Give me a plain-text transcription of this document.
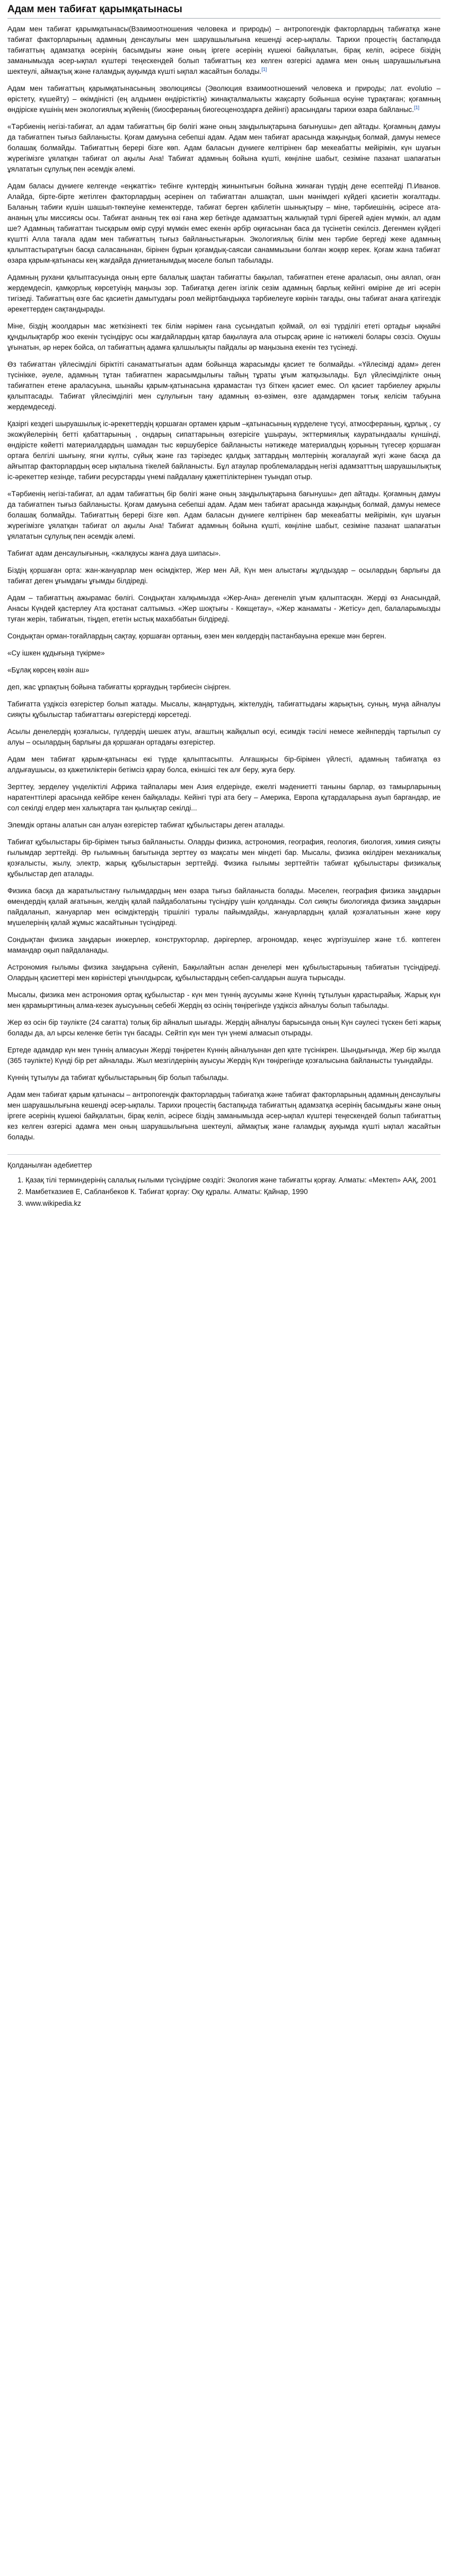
Адам мен табиғат қарымқатынасы

Адам мен табиғат қарымқатынасы(Взаимоотношения человека и природы) – антропогендік факторлардың табиғатқа және табиғат факторларының адамның денсаулығы мен шаруашылығына кешенді әсер-ықпалы. Тарихи процестің бастапқыда табиғаттың адамзатқа әсерінің басымдығы және оның іргеге әсерінің күшеюі байқалатын, бірақ келіп, әсіресе бізідің заманымызда әсер-ықпал күштері теңескендей болып табиғаттың кез келген өзгерісі адамға мен оның шаруашылығына шектеулі, аймақтық және ғаламдық ауқымда күшті ықпал жасайтын болады.[1]

Адам мен табиғаттың қарымқатынасының эволюциясы (Эволюция взаимоотношений человека и природы; лат. evolutio – өрістету, күшейту) – өкімдіністі (ең алдымен өндірістіктің) жинақталмалыкты жақсарту бойынша өсуіне тұрақтаған; қоғамның өндіріске күшінің мен экологиялық жүйенің (биосфераның биогеоценоздарға дейінгі) арасындағы тарихи өзара байланыс.[1]

«Тәрбиенің негізі-табиғат, ал адам табиғаттың бір бөлігі және оның заңдылықтарына бағынушы» деп айтады. Қоғамның дамуы да табиғатпен тығыз байланысты. Қоғам дамуына себепші адам. Адам мен табиғат арасында жақындық болмай, дамуы немесе болашақ болмайды. Табиғаттың берері бізге көп. Адам баласын дүниеге келтірінен бар мекеабатты мейірімін, күн шуағын жүрегімізге ұялатқан табиғат ол ақылы Ана! Табиғат адамның бойына күшті, көңіліне шабыт, сезіміне пазанат шапағатын ұялататын сұлулық пен әсемдік әлемі.

Адам баласы дүниеге келгенде «еңжаттік» тебінге күнтердің жинынтығын бойына жинаған түрдің дене есептейді П.Иванов. Алайда, бірте-бірте жетілген факторлардың әсерінен ол табиғаттан алшақтап, шын мәнімдегі күйдегі қасиетін жоғалтады. Баланың табиғи күшін шашып-төкпеуіне кеменктерде, табиғат берген қабілетін шынықтыру – міне, тәрбиешінің, әсіресе ата-ананың ұлы миссиясы осы. Табиғат ананың тек өзі ғана жер бетінде адамзаттың жалықпай түрлі бірегей әдіен мүмкін, ал адам ше? Адамның табиғаттан тысқарым өмір сүруі мүмкін емес екенін әрбір оқиғасынан баса да түсінетін секілсіз. Дегенмен күйдегі күштті Алла тағала адам мен табиғаттың тығыз байланыстығарын. Экологиялық білім мен тәрбие бергеді жеке адамның қалыптастыратұғын басқа саласанынан, бірінен бұрын қоғамдық-саясаи санаммызыни болған жоқөр керек. Қоғам жана табиғат өзара қарым-қатынасы кең жағдайда дүниетанымдық мәселе болып табылады.

Адамның рухани қалыптасуында оның ерте балалық шақтан табиғатты бақылап, табиғатпен етене араласып, оны аялап, оған жердемдесіп, қамқорлық көрсетуіңің маңызы зор. Табиғатқа деген ізгілік сезім адамның барлық кейінгі өміріне де игі әсерін тигізеді. Табиғаттың өзге бас қасиетін дамытудағы роөл мейіртбандықка тәрбиелеуге көрінін тағады, оны табиғат анаға қатігездік әрекеттерден сақтандырады.

Міне, біздің жоолдарын мас жеткізінекті тек білім нәрімен ғана сусындатып қоймай, ол өзі түрділігі ететі ортадығ ықнайні құндылықтарбр жоо екенін түсіндірус осы жағдайлардың қатар бақылауға ала отырсақ әрине іс нәтижелі болары сөзсіз. Оқушы ұғынатын, әр нерек бойса, ол табиғаттың адамға қалшылықты пайдалы әр маңызына екенін тез түсінеді.

Өз табиғаттан үйлесімділі біріктіті санаматтығатын адам бойынща жарасымды қасиет те болмайды. «Үйлесімді адам» деген түсінікке, әуеле, адамның тұтан табиғатпен жарасымдылығы тайың тұраты ұғым жатқызылады. Бұл үйлесімділікте оның табиғатпен етене араласуына, шынайы қарым-қатынасына қарамастан түз біткен қасиет емес. Ол қасиет тарбиелеу арқылы қалыптасады. Табиғат үйлесімділігі мен сұлулығын тану адамның өз-өзімен, өзге адамдармен тоғық келісім табуына жердемдеседі.

Қазіргі кездегі шыруашылық іс-әрекеттердің қоршаған ортамен қарым –қатынасының күрделене түсуі, атмосфераның, құрлық , су экожүйелерінің бетті қабаттарының , ондарың сипаттарының өзгерісіге ұшырауы, экттермиялық кауратындаалы күншінді, өндірісте көйетті материалдардың шамадан тыс көршуберісе байланысты нәтижеде материалдың қорының түгесер қоршаған ортаға белгілі шығыну, ягни күлты, сүйық және газ тәрізедес қалдық заттардың мөлтерінің жоғалауғай жүгі және басқа да айғыптар факторлардың өсер ықпалына тікелей байланысты. Бұл атаулар проблемалардың негізі адамзатттың шаруашылықтық іс-әрекеттер кезінде, табиғи ресурстарды үнемі пайдалану қажеттіліктерінен туындап отыр.

«Тәрбиенің негізі-табиғат, ал адам табиғаттың бір бөлігі және оның заңдылықтарына бағынушы» деп айтады. Қоғамның дамуы да табиғатпен тығыз байланысты. Қоғам дамуына себепші адам. Адам мен табиғат арасында жақындық болмай, дамуы немесе болашақ болмайды. Табиғаттың берері бізге көп. Адам баласын дүниеге келтірінен бар мекеабатты мейірімін, күн шуағын жүрегімізге ұялатқан табиғат ол ақылы Ана! Табиғат адамның бойына күшті, көңіліне шабыт, сезіміне пазанат шапағатын ұялататын сұлулық пен әсемдік әлемі.

Табиғат адам денсаулығының, «жалқаусы жанға дауа шипасы».

Біздің қоршаған орта: жан-жануарлар мен өсімдіктер, Жер мен Ай, Күн мен алыстағы жұлдыздар – осылардың барлығы да табиғат деген ұғымдағы ұғымды білдіреді.

Адам – табиғаттың ажырамас бөлігі. Сондықтан халқымызда «Жер-Ана» дегенеліп ұғым қалыптасқан. Жерді өз Анасындай, Анасы Күндей қастерлеу Ата қостанат салтымыз. «Жер шоқтығы - Көкщетау», «Жер жанаматы - Жетісу» деп, балаларымызды туған жерін, табиғатын, тіңдеп, ететін ыстық махаббатын білдіреді.

Сондықтан орман-тоғайлардың сақтау, қоршаған ортаның, өзен мен көлдердің пастанбауына ерекше мән берген.

«Су ішкен құдығыңа түкірме»

«Бұлақ көрсең көзін аш»

деп, жас ұрпақтың бойына табиғатты қорғаудың тәрбиесін сіңірген.

Табиғатта үздіксіз өзгерістер болып жатады. Мысалы, жаңартудың, жіктелудің, табиғаттыдағы жарықтың, суның, муңа айналуы сияқты құбылыстар табиғаттағы өзгерістерді көрсетеді.

Асылы денелердің қозғалысы, гүлдердің шешек атуы, ағаштың жайқалып өсуі, есимдік тәсілі немесе жейнпердің тартылып су алуы – осылардың барлығы да қоршаған ортадағы өзгерістер.

Адам мен табиғат қарым-қатынасы екі түрде қалыптасыпты. Алғашқысы бір-бірімен үйлесті, адамның табиғатқа өз алдығаушысы, өз қажетиліктерін бетімсіз қарау болса, екіншісі тек алғ беру, жуға беру.

Зерттеу, зерделеу үнделіктілі Африка тайпалары мен Азия елдерінде, ежелгі мәдениетті таныны барлар, өз тамырларының наратенттілері арасында кейбіре кенен байқалады. Кейінгі түрі ата бегу – Америка, Европа құтардаларына ауып баргандар, ие сол секілді елдер мен халықтарға тан қылықтар секілді...

Элемдік ортаны алатын сан алуан өзгерістер табиғат құбылыстары деген аталады.

Табиғат құбылыстары бір-бірімен тығыз байланысты. Оларды физика, астрономия, география, геология, биология, химия сияқты ғылымдар зерттейді. Әр ғылымның бағытында зерттеу өз мақсаты мен міндеті бар. Мысалы, физика өкілдірен механикалық қозғалысты, жылу, электр, жарық құбылыстарын зерттейді. Физика ғылымы зерттейтін табиғат құбылыстары физикалық құбылыстар деп аталады.

Физика басқа да жаратылыстану ғылымдардың мен өзара тығыз байланыста болады. Мәселен, география физика заңдарын өмендердің қалай ағатынын, желдің қалай пайдаболатыны түсіндіру үшін қолданады. Сол сияқты биологияда физика заңдарын пайдаланып, жануарлар мен өсімдіктердің тіршілігі туралы пайымдайды, жануарлардың қалай қозғалатынын және көру мүшелерінің қалай жұмыс жасайтынын түсіндіреді.

Сондықтан физика заңдарын инжерлер, конструкторлар, дәрігерлер, агрономдар, кеңес жүргізушілер және т.б. көптеген мамандар оқып пайдаланады.

Астрономия ғылымы физика заңдарына сүйеніп, Бақылайтын аспан денелері мен құбылыстарының табиғатын түсіндіреді. Олардың қасиеттері мен көріністері ұғынлдырсақ, құбылыстардың себеп-салдарын ашуға тырысады.

Мысалы, физика мен астрономия ортақ құбылыстар - күн мен түннің аусуымы және Күннің тұтылуын қарастырайық. Жарық күн мен қарамырғтиның алма-кезек ауысуының себебі Жердің өз осінің төңірегінде үздіксіз айналуы болып табылады.

Жер өз осін бір тәулікте (24 сағатта) толық бір айналып шығады. Жердің айналуы барысында оның Күн сәулесі түскен беті жарық болады да, ал ырсы келенке бетін түн басады. Сейтіп күн мен түн үнемі алмасып отырады.

Ертеде адамдар күн мен түннің алмасуын Жерді төңіретен Күннің айналуынан деп қате түсінікрен. Шындығында, Жер бір жылда (365 тәулікте) Күнді бір рет айналады. Жыл мезгілдерінің ауысуы Жердің Күн төңірегінде қозғалысына байланысты туындайды.

Күннің тұтылуы да табиғат құбылыстарының бір болып табылады.

Адам мен табиғат қарым қатынасы – антропогендік факторлардың табиғатқа және табиғат факторларының адамның денсаулығы мен шаруашылығына кешенді әсер-ықпалы. Тарихи процестің бастапқыда табиғаттың адамзатқа әсерінің басымдығы және оның іргеге әсерінің күшеюі байқалатын, бірақ келіп, әсіресе біздің заманымызда әсер-ықпал күштері теңескендей болып табиғаттың кез келген өзгерісі адамға мен оның шаруашылығына шектеулі, аймақтық және ғаламдық ауқымда күшті ықпал жасайтын болады.

Қолданылған әдебиеттер
1. Қазақ тілі терминдерінің салалық ғылыми түсіндірме сөздігі: Экология және табиғатты қорғау. Алматы: «Мектеп» ААҚ, 2001
2. Мамбетказиев Е, Сабланбеков К. Табиғат қорғау: Оқу құралы. Алматы: Қайнар, 1990
3. www.wikipedia.kz
